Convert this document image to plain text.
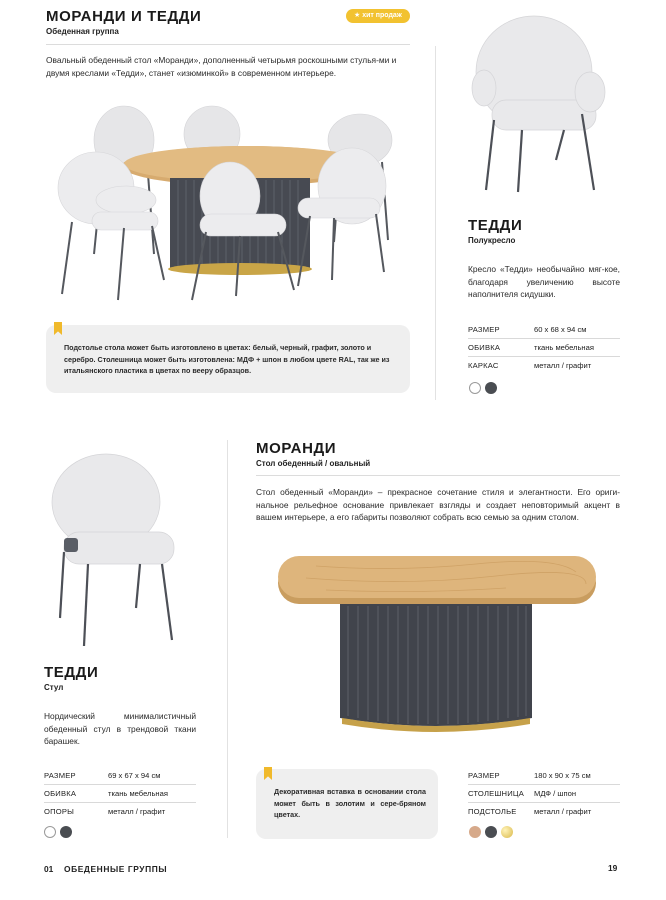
МОРАНДИ И ТЕДДИ
Обеденная группа
★ хит продаж
Овальный обеденный стол «Моранди», дополненный четырьмя роскошными стулья-ми и двумя креслами «Тедди», станет «изюминкой» в современном интерьере.
Подстолье стола может быть изготовлено в цветах: белый, черный, графит, золото и серебро. Столешница может быть изготовлена: МДФ + шпон в любом цвете RAL, так же из итальянского пластика в цветах по вееру образцов.
ТЕДДИ
Полукресло
Кресло «Тедди» необычайно мяг-кое, благодаря увеличению высоте наполнителя сидушки.
РАЗМЕР	60 x 68 x 94 см
ОБИВКА	ткань мебельная
КАРКАС	металл / графит
МОРАНДИ
Стол обеденный / овальный
Стол обеденный «Моранди» – прекрасное сочетание стиля и элегантности. Его ориги-нальное рельефное основание привлекает взгляды и создает неповторимый акцент в вашем интерьере, а его габариты позволяют собрать всю семью за одним столом.
Декоративная вставка в основании стола может быть в золотим и сере-бряном цветах.
РАЗМЕР	180 x 90 x 75 см
СТОЛЕШНИЦА МДФ / шпон
ПОДСТОЛЬЕ металл / графит
ТЕДДИ
Стул
Нордический минималистичный обеденный стул в трендовой ткани барашек.
РАЗМЕР	69 x 67 x 94 см
ОБИВКА	ткань мебельная
ОПОРЫ	металл / графит
01 ОБЕДЕННЫЕ ГРУППЫ	19
